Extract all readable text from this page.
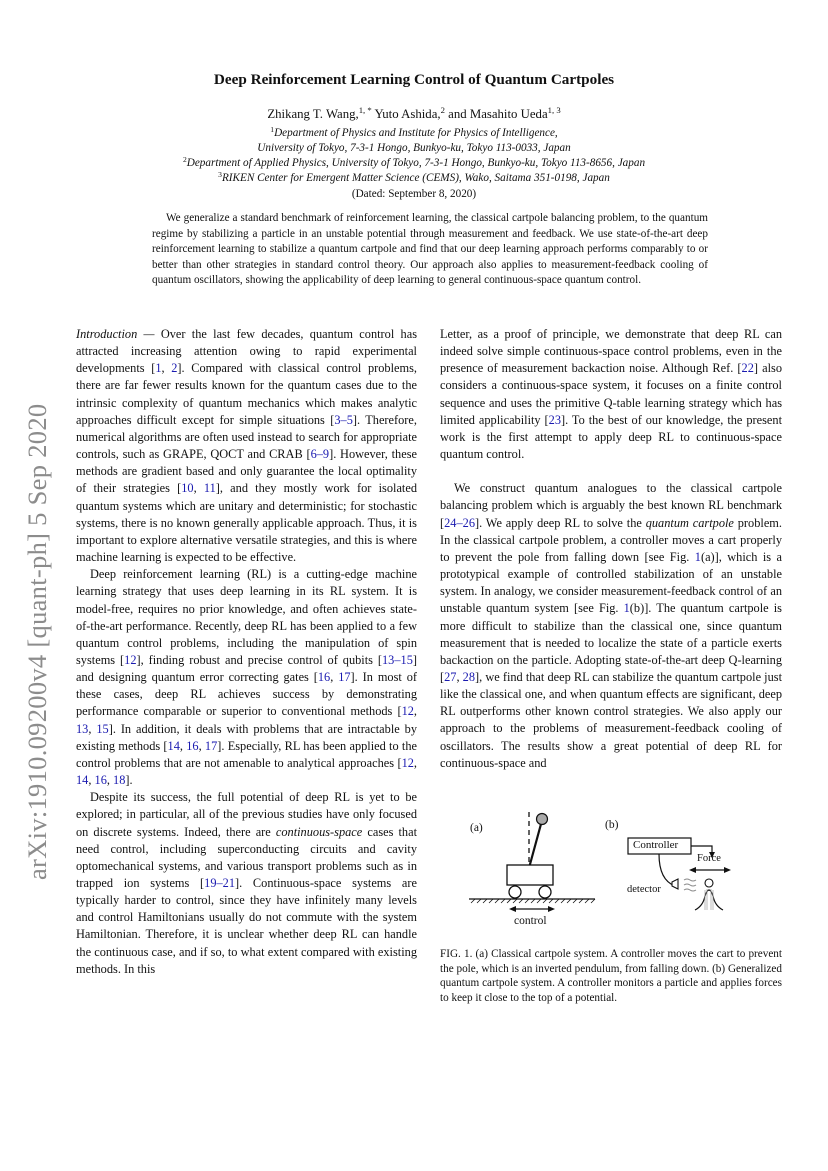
arXiv:1910.09200v4 [quant-ph] 5 Sep 2020
Deep Reinforcement Learning Control of Quantum Cartpoles
Zhikang T. Wang,$^{1, *}$ Yuto Ashida,$^2$ and Masahito Ueda$^{1, 3}$
$^1$Department of Physics and Institute for Physics of Intelligence,
University of Tokyo, 7-3-1 Hongo, Bunkyo-ku, Tokyo 113-0033, Japan
$^2$Department of Applied Physics, University of Tokyo, 7-3-1 Hongo, Bunkyo-ku, Tokyo 113-8656, Japan
$^3$RIKEN Center for Emergent Matter Science (CEMS), Wako, Saitama 351-0198, Japan
(Dated: September 8, 2020)
We generalize a standard benchmark of reinforcement learning, the classical cartpole balancing problem, to the quantum regime by stabilizing a particle in an unstable potential through measurement and feedback. We use state-of-the-art deep reinforcement learning to stabilize a quantum cartpole and find that our deep learning approach performs comparably to or better than other strategies in standard control theory. Our approach also applies to measurement-feedback cooling of quantum oscillators, showing the applicability of deep learning to general continuous-space quantum control.

Introduction — Over the last few decades, quantum control has attracted increasing attention owing to rapid experimental developments [1, 2]. Compared with classical control problems, there are far fewer results known for the quantum cases due to the intrinsic complexity of quantum mechanics which makes analytic approaches difficult except for simple situations [3–5]. Therefore, numerical algorithms are often used instead to search for appropriate controls, such as GRAPE, QOCT and CRAB [6–9]. However, these methods are gradient based and only guarantee the local optimality of their strategies [10, 11], and they mostly work for isolated quantum systems which are unitary and deterministic; for stochastic systems, there is no known generally applicable approach. Thus, it is important to explore alternative versatile strategies, and this is where machine learning is expected to be effective.

Deep reinforcement learning (RL) is a cutting-edge machine learning strategy that uses deep learning in its RL system. It is model-free, requires no prior knowledge, and often achieves state-of-the-art performance. Recently, deep RL has been applied to a few quantum control problems, including the manipulation of spin systems [12], finding robust and precise control of qubits [13–15] and designing quantum error correcting gates [16, 17]. In most of these cases, deep RL achieves success by demonstrating performance comparable or superior to conventional methods [12, 13, 15]. In addition, it deals with problems that are intractable by existing methods [14, 16, 17]. Especially, RL has been applied to the control problems that are not amenable to analytical approaches [12, 14, 16, 18].

Despite its success, the full potential of deep RL is yet to be explored; in particular, all of the previous studies have only focused on discrete systems. Indeed, there are continuous-space cases that need control, including superconducting circuits and cavity optomechanical systems, and various transport problems such as in trapped ion systems [19–21]. Continuous-space systems are typically harder to control, since they have infinitely many levels and control Hamiltonians usually do not commute with the system Hamiltonian. Therefore, it is unclear whether deep RL can handle the continuous case, and if so, to what extent compared with existing methods. In this

Letter, as a proof of principle, we demonstrate that deep RL can indeed solve simple continuous-space control problems, even in the presence of measurement backaction noise. Although Ref. [22] also considers a continuous-space system, it focuses on a finite control sequence and uses the primitive Q-table learning strategy which has limited applicability [23]. To the best of our knowledge, the present work is the first attempt to apply deep RL to continuous-space quantum control.

We construct quantum analogues to the classical cartpole balancing problem which is arguably the best known RL benchmark [24–26]. We apply deep RL to solve the quantum cartpole problem. In the classical cartpole problem, a controller moves a cart properly to prevent the pole from falling down [see Fig. 1(a)], which is a prototypical example of controlled stabilization of an unstable system. In analogy, we consider measurement-feedback control of an unstable quantum system [see Fig. 1(b)]. The quantum cartpole is more difficult to stabilize than the classical one, since quantum measurement that is needed to localize the state of a particle exerts backaction on the particle. Adopting state-of-the-art deep Q-learning [27, 28], we find that deep RL can stabilize the quantum cartpole just like the classical one, and when quantum effects are significant, deep RL outperforms other known control strategies. We also apply our approach to the problems of measurement-feedback cooling of oscillators. The results show a great potential of deep RL for continuous-space and

(a)	(b)
control
Controller
Force
detector
FIG. 1. (a) Classical cartpole system. A controller moves the cart to prevent the pole, which is an inverted pendulum, from falling down. (b) Generalized quantum cartpole system. A controller monitors a particle and applies forces to keep it close to the top of a potential.
